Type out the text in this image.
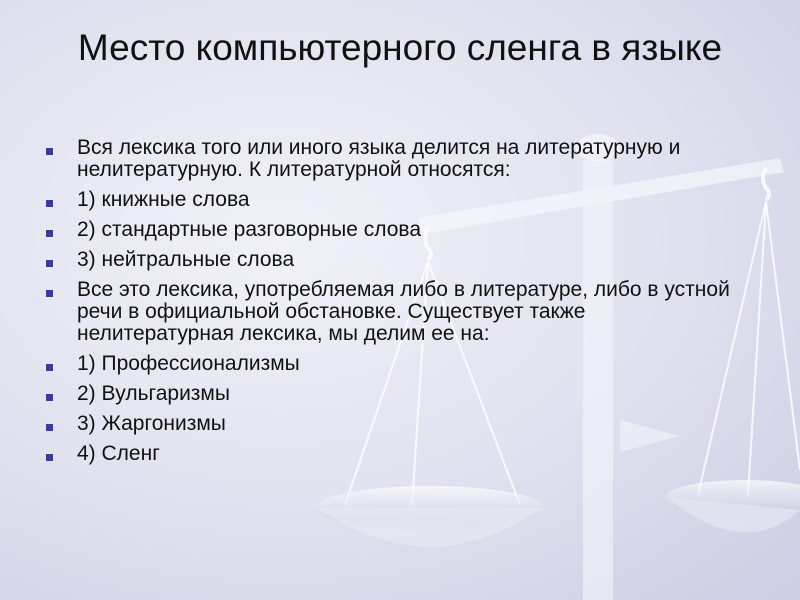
Место компьютерного сленга в языке
Вся лексика того или иного языка делится на литературную и нелитературную. К литературной относятся:
1) книжные слова
2) стандартные разговорные слова
3) нейтральные слова
Все это лексика, употребляемая либо в литературе, либо в устной речи в официальной обстановке. Существует также нелитературная лексика, мы делим ее на:
1) Профессионализмы
2) Вульгаризмы
3) Жаргонизмы
4) Сленг
